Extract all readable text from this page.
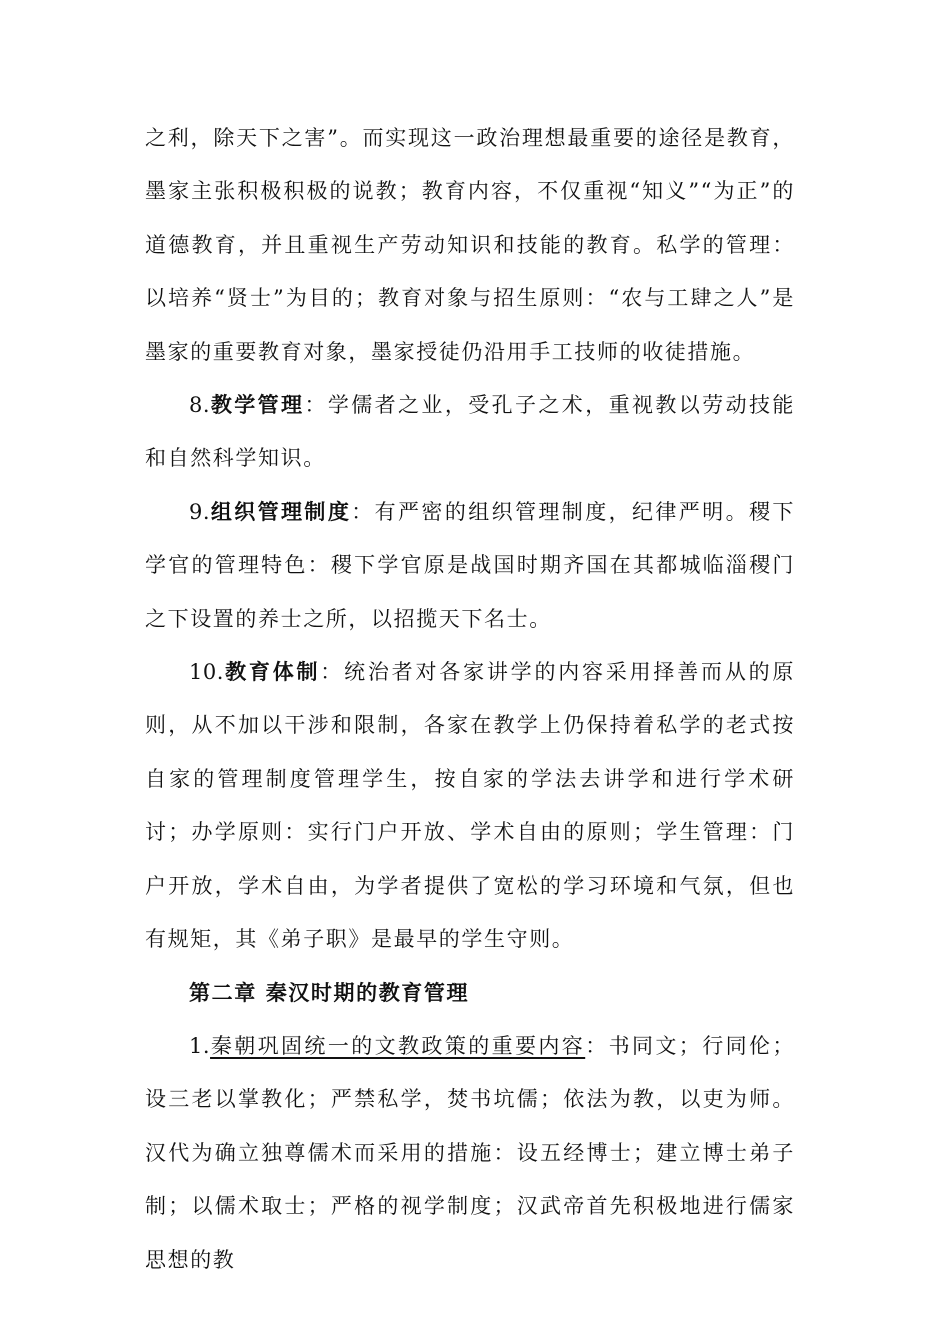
之利，除天下之害”。而实现这一政治理想最重要的途径是教育，墨家主张积极积极的说教；教育内容，不仅重视“知义”“为正”的道德教育，并且重视生产劳动知识和技能的教育。私学的管理：以培养“贤士”为目的；教育对象与招生原则：“农与工肆之人”是墨家的重要教育对象，墨家授徒仍沿用手工技师的收徒措施。

8.教学管理：学儒者之业，受孔子之术，重视教以劳动技能和自然科学知识。

9.组织管理制度：有严密的组织管理制度，纪律严明。稷下学官的管理特色：稷下学官原是战国时期齐国在其都城临淄稷门之下设置的养士之所，以招揽天下名士。

10.教育体制：统治者对各家讲学的内容采用择善而从的原则，从不加以干涉和限制，各家在教学上仍保持着私学的老式按自家的管理制度管理学生，按自家的学法去讲学和进行学术研讨；办学原则：实行门户开放、学术自由的原则；学生管理：门户开放，学术自由，为学者提供了宽松的学习环境和气氛，但也有规矩，其《弟子职》是最早的学生守则。

第二章 秦汉时期的教育管理

1.秦朝巩固统一的文教政策的重要内容：书同文；行同伦；设三老以掌教化；严禁私学，焚书坑儒；依法为教，以吏为师。汉代为确立独尊儒术而采用的措施：设五经博士；建立博士弟子制；以儒术取士；严格的视学制度；汉武帝首先积极地进行儒家思想的教
